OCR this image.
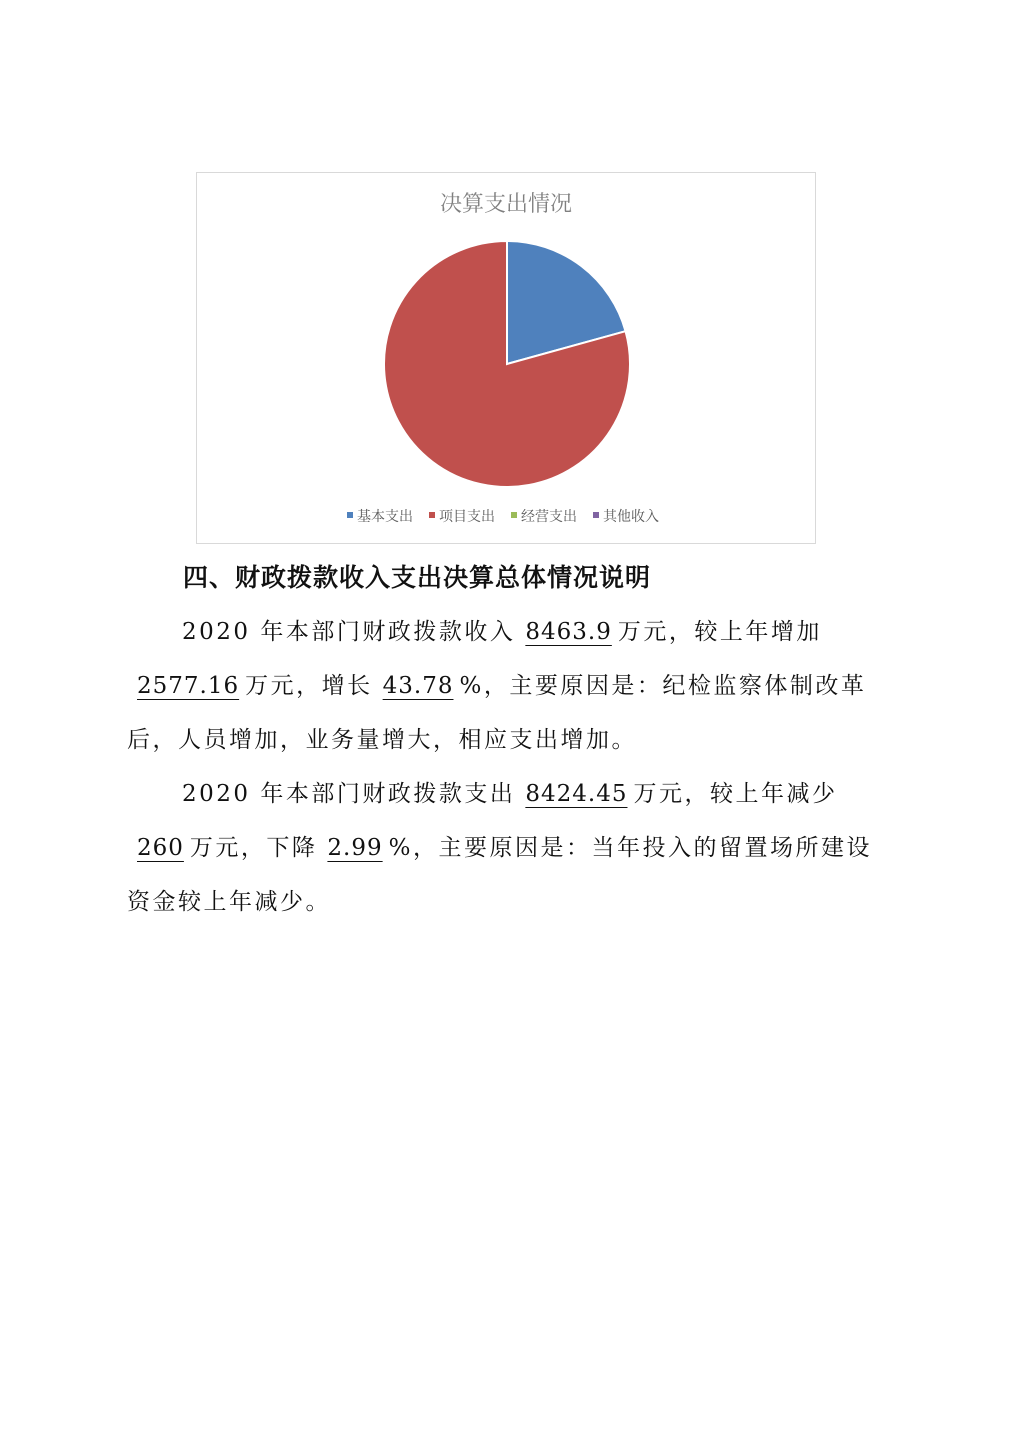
决算支出情况
基本支出 项目支出 经营支出 其他收入
四、财政拨款收入支出决算总体情况说明

2020 年本部门财政拨款收入 8463.9 万元，较上年增加2577.16 万元，增长 43.78 %，主要原因是：纪检监察体制改革后，人员增加，业务量增大，相应支出增加。

2020 年本部门财政拨款支出 8424.45 万元，较上年减少260 万元，下降 2.99 %，主要原因是：当年投入的留置场所建设资金较上年减少。
